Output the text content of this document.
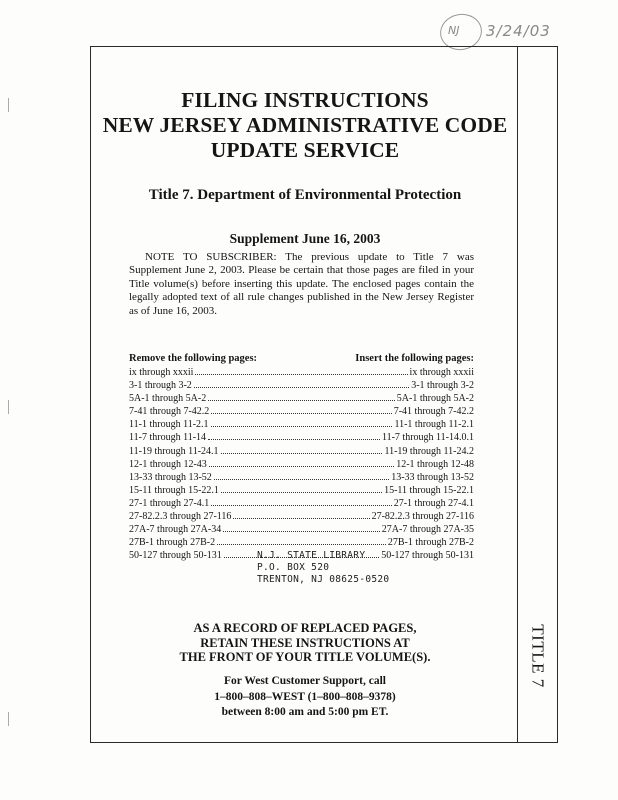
NJ 3/24/03
TITLE 7
FILING INSTRUCTIONS
NEW JERSEY ADMINISTRATIVE CODE
UPDATE SERVICE
Title 7. Department of Environmental Protection
Supplement June 16, 2003
NOTE TO SUBSCRIBER: The previous update to Title 7 was Supplement June 2, 2003. Please be certain that those pages are filed in your Title volume(s) before inserting this update. The enclosed pages contain the legally adopted text of all rule changes published in the New Jersey Register as of June 16, 2003.
Remove the following pages:	Insert the following pages:
ix through xxxii	ix through xxxii
3-1 through 3-2	3-1 through 3-2
5A-1 through 5A-2	5A-1 through 5A-2
7-41 through 7-42.2	7-41 through 7-42.2
11-1 through 11-2.1	11-1 through 11-2.1
11-7 through 11-14	11-7 through 11-14.0.1
11-19 through 11-24.1	11-19 through 11-24.2
12-1 through 12-43	12-1 through 12-48
13-33 through 13-52	13-33 through 13-52
15-11 through 15-22.1	15-11 through 15-22.1
27-1 through 27-4.1	27-1 through 27-4.1
27-82.2.3 through 27-116	27-82.2.3 through 27-116
27A-7 through 27A-34	27A-7 through 27A-35
27B-1 through 27B-2	27B-1 through 27B-2
50-127 through 50-131	50-127 through 50-131
N.J. STATE LIBRARY
P.O. BOX 520
TRENTON, NJ 08625-0520
AS A RECORD OF REPLACED PAGES,
RETAIN THESE INSTRUCTIONS AT
THE FRONT OF YOUR TITLE VOLUME(S).
For West Customer Support, call
1–800–808–WEST (1–800–808–9378)
between 8:00 am and 5:00 pm ET.
